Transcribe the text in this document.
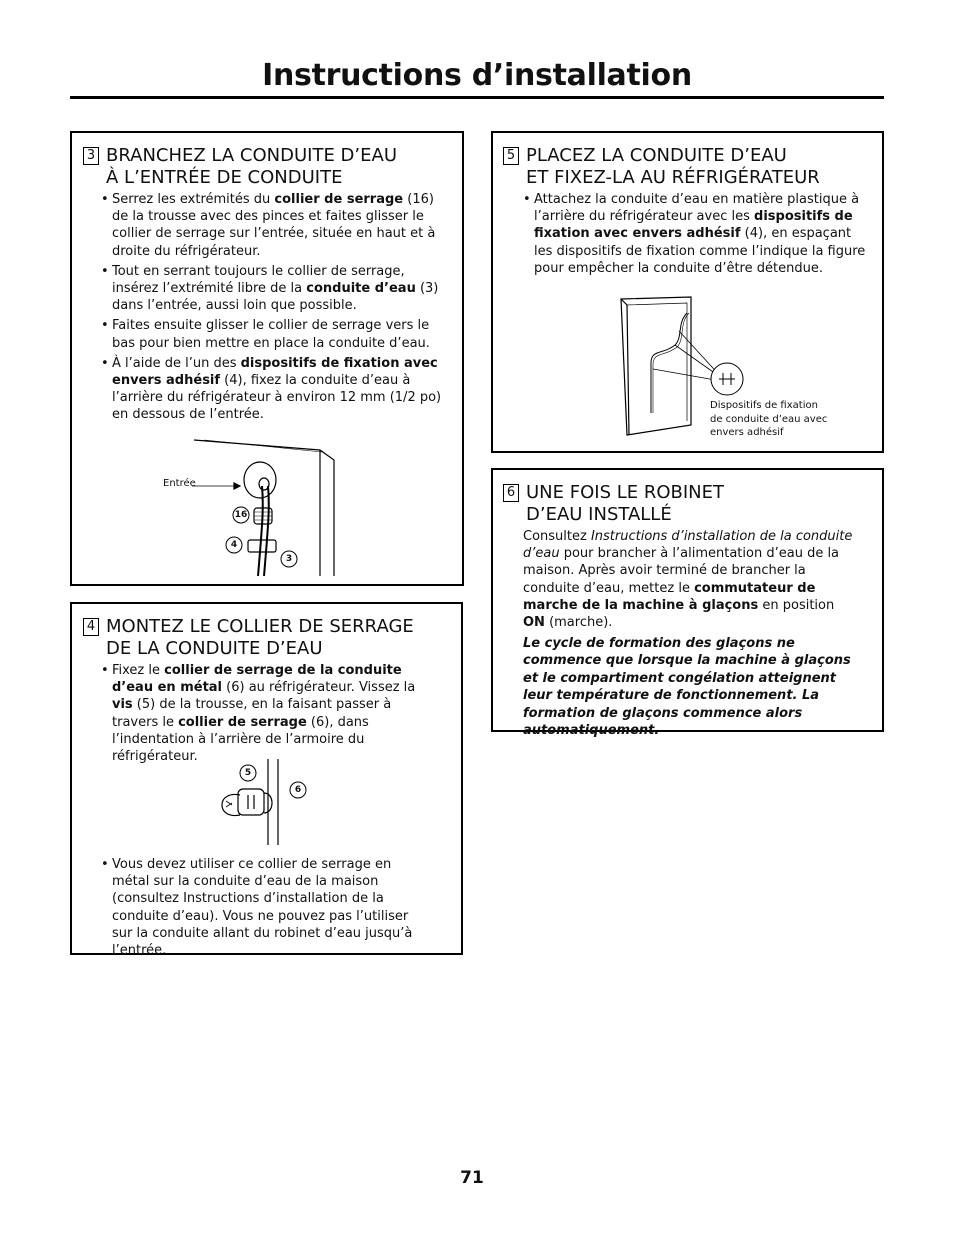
Instructions d’installation
3 BRANCHEZ LA CONDUITE D’EAU
À L’ENTRÉE DE CONDUITE
• Serrez les extrémités du collier de serrage (16) de la trousse avec des pinces et faites glisser le collier de serrage sur l’entrée, située en haut et à droite du réfrigérateur.
• Tout en serrant toujours le collier de serrage, insérez l’extrémité libre de la conduite d’eau (3) dans l’entrée, aussi loin que possible.
• Faites ensuite glisser le collier de serrage vers le bas pour bien mettre en place la conduite d’eau.
• À l’aide de l’un des dispositifs de fixation avec envers adhésif (4), fixez la conduite d’eau à l’arrière du réfrigérateur à environ 12 mm (1/2 po) en dessous de l’entrée.
Entrée
16
4
3
4 MONTEZ LE COLLIER DE SERRAGE
DE LA CONDUITE D’EAU
• Fixez le collier de serrage de la conduite d’eau en métal (6) au réfrigérateur. Vissez la vis (5) de la trousse, en la faisant passer à travers le collier de serrage (6), dans l’indentation à l’arrière de l’armoire du réfrigérateur.
5
6
• Vous devez utiliser ce collier de serrage en métal sur la conduite d’eau de la maison (consultez Instructions d’installation de la conduite d’eau). Vous ne pouvez pas l’utiliser sur la conduite allant du robinet d’eau jusqu’à l’entrée.
5 PLACEZ LA CONDUITE D’EAU
ET FIXEZ-LA AU RÉFRIGÉRATEUR
• Attachez la conduite d’eau en matière plastique à l’arrière du réfrigérateur avec les dispositifs de fixation avec envers adhésif (4), en espaçant les dispositifs de fixation comme l’indique la figure pour empêcher la conduite d’être détendue.
Dispositifs de fixation
de conduite d’eau avec
envers adhésif
6 UNE FOIS LE ROBINET
D’EAU INSTALLÉ

Consultez Instructions d’installation de la conduite d’eau pour brancher à l’alimentation d’eau de la maison. Après avoir terminé de brancher la conduite d’eau, mettez le commutateur de marche de la machine à glaçons en position ON (marche).

Le cycle de formation des glaçons ne commence que lorsque la machine à glaçons et le compartiment congélation atteignent leur température de fonctionnement. La formation de glaçons commence alors automatiquement.

71
